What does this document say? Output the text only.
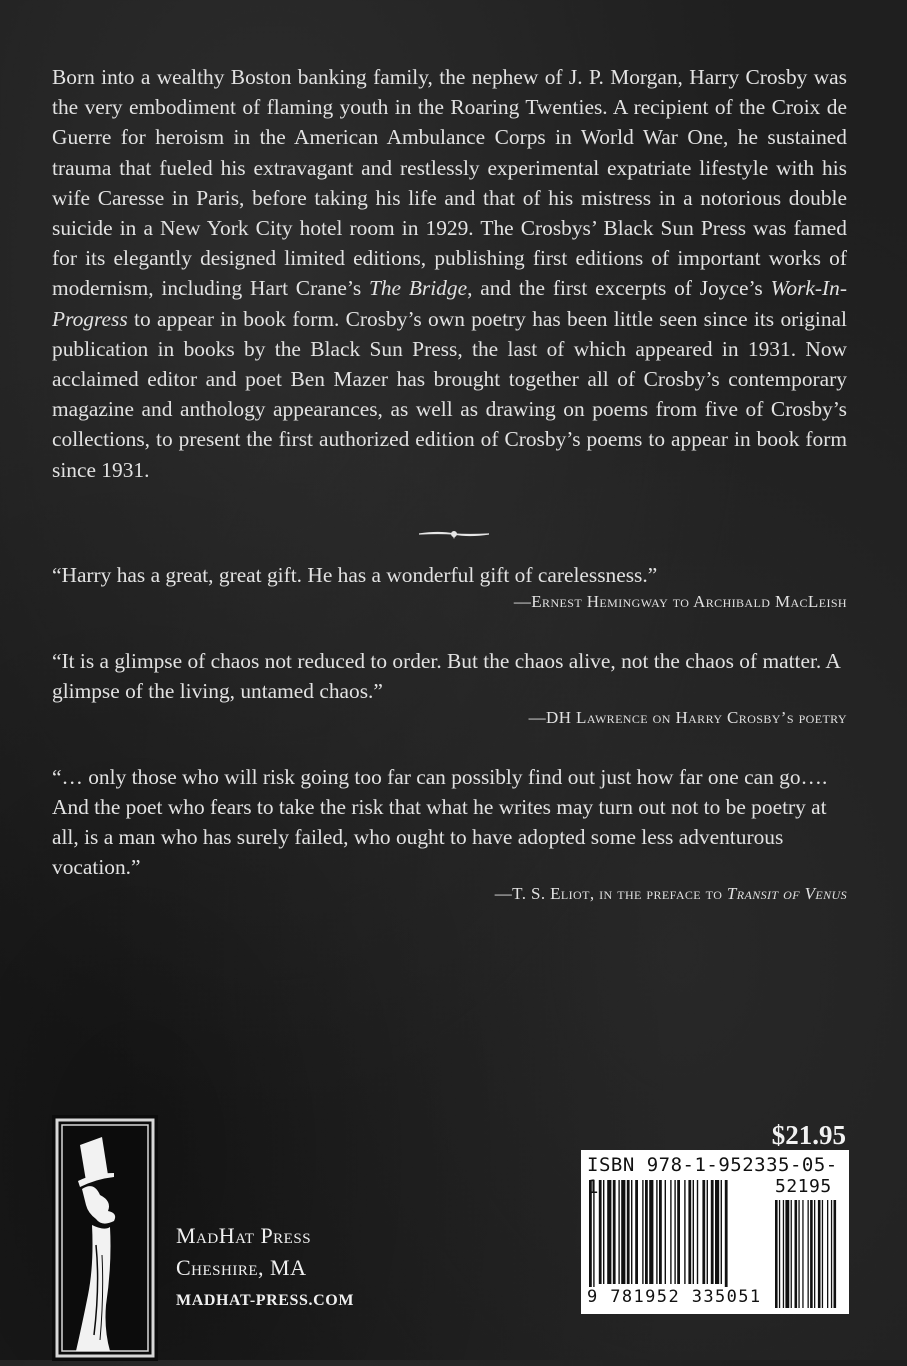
Born into a wealthy Boston banking family, the nephew of J. P. Morgan, Harry Crosby was the very embodiment of flaming youth in the Roaring Twenties. A recipient of the Croix de Guerre for heroism in the American Ambulance Corps in World War One, he sustained trauma that fueled his extravagant and restlessly experimental expatriate lifestyle with his wife Caresse in Paris, before taking his life and that of his mistress in a notorious double suicide in a New York City hotel room in 1929. The Crosbys’ Black Sun Press was famed for its elegantly designed limited editions, publishing first editions of important works of modernism, including Hart Crane’s The Bridge, and the first excerpts of Joyce’s Work-In-Progress to appear in book form. Crosby’s own poetry has been little seen since its original publication in books by the Black Sun Press, the last of which appeared in 1931. Now acclaimed editor and poet Ben Mazer has brought together all of Crosby’s contemporary magazine and anthology appearances, as well as drawing on poems from five of Crosby’s collections, to present the first authorized edition of Crosby’s poems to appear in book form since 1931.

“Harry has a great, great gift. He has a wonderful gift of carelessness.”

—Ernest Hemingway to Archibald MacLeish

“It is a glimpse of chaos not reduced to order. But the chaos alive, not the chaos of matter. A glimpse of the living, untamed chaos.”

—DH Lawrence on Harry Crosby’s poetry

“… only those who will risk going too far can possibly find out just how far one can go…. And the poet who fears to take the risk that what he writes may turn out not to be poetry at all, is a man who has surely failed, who ought to have adopted some less adventurous vocation.”

—T. S. Eliot, in the preface to Transit of Venus

MadHat Press

Cheshire, MA

MADHAT-PRESS.COM

$21.95
ISBN 978-1-952335-05-1	52195
9 781952 335051
